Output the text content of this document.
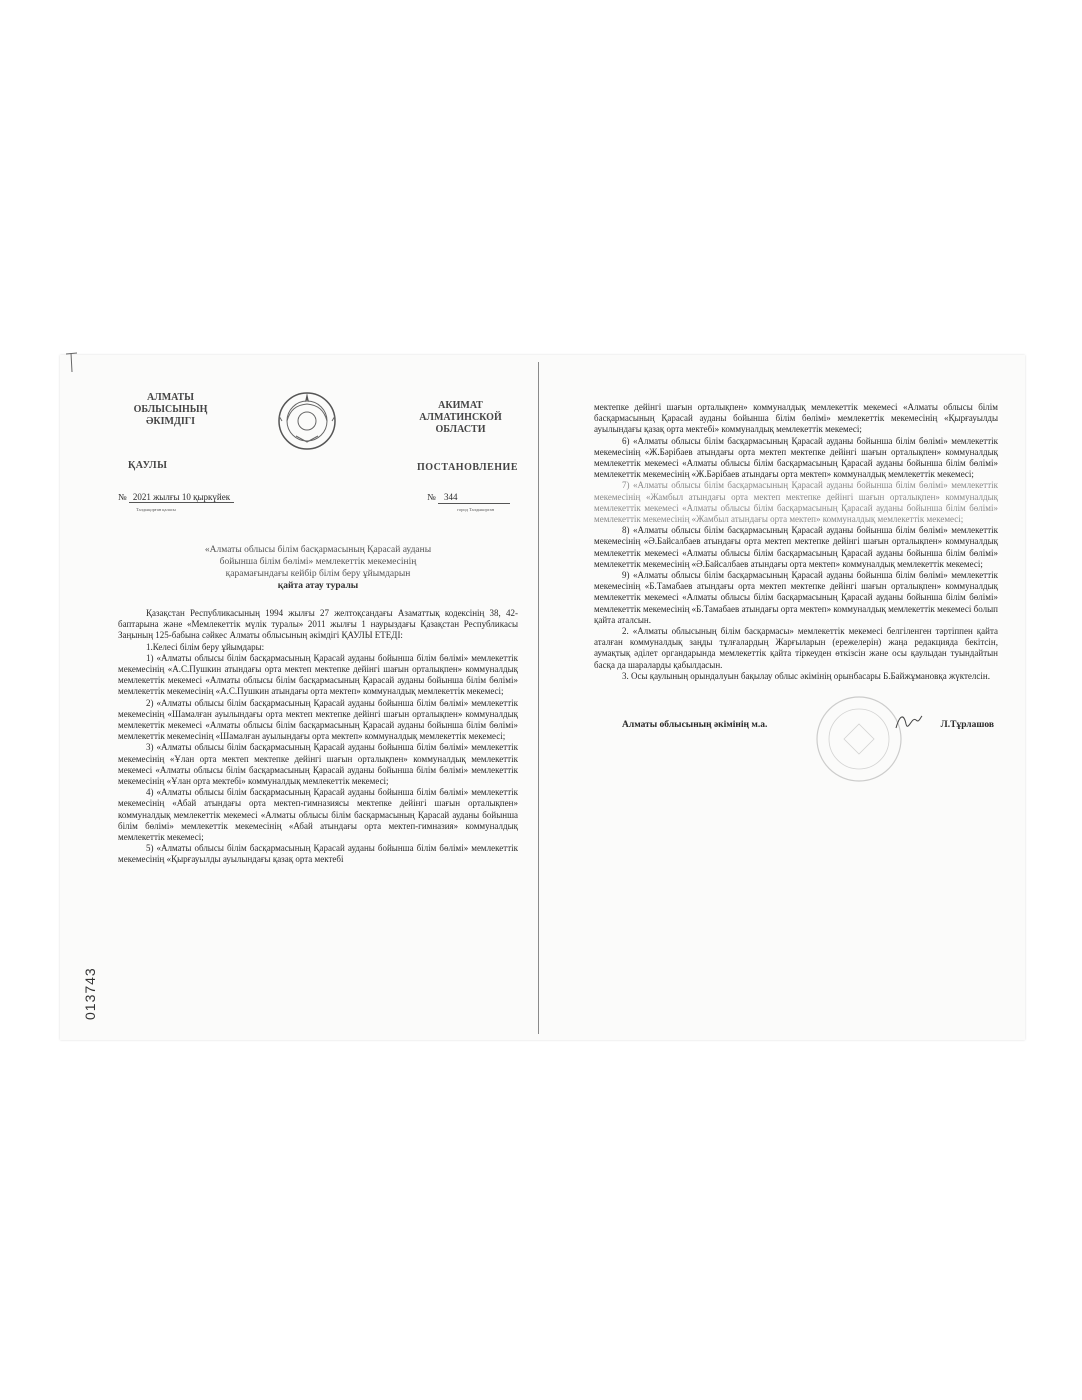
АЛМАТЫ
ОБЛЫСЫНЫҢ
ӘКІМДІГІ
АКИМАТ
АЛМАТИНСКОЙ
ОБЛАСТИ
ҚАУЛЫ	ПОСТАНОВЛЕНИЕ
№ 2021 жылғы 10 қыркүйек
Талдықорған қаласы
№ 344
город Талдыкорган
«Алматы облысы білім басқармасының Қарасай ауданы
бойынша білім бөлімі» мемлекеттік мекемесінің
қарамағындағы кейбір білім беру ұйымдарын
қайта атау туралы

Қазақстан Республикасының 1994 жылғы 27 желтоқсандағы Азаматтық кодексінің 38, 42-баптарына және «Мемлекеттік мүлік туралы» 2011 жылғы 1 наурыздағы Қазақстан Республикасы Заңының 125-бабына сәйкес Алматы облысының әкімдігі ҚАУЛЫ ЕТЕДІ:

1.Келесі білім беру ұйымдары:

1) «Алматы облысы білім басқармасының Қарасай ауданы бойынша білім бөлімі» мемлекеттік мекемесінің «А.С.Пушкин атындағы орта мектеп мектепке дейінгі шағын орталықпен» коммуналдық мемлекеттік мекемесі «Алматы облысы білім басқармасының Қарасай ауданы бойынша білім бөлімі» мемлекеттік мекемесінің «А.С.Пушкин атындағы орта мектеп» коммуналдық мемлекеттік мекемесі;

2) «Алматы облысы білім басқармасының Қарасай ауданы бойынша білім бөлімі» мемлекеттік мекемесінің «Шамалған ауылындағы орта мектеп мектепке дейінгі шағын орталықпен» коммуналдық мемлекеттік мекемесі «Алматы облысы білім басқармасының Қарасай ауданы бойынша білім бөлімі» мемлекеттік мекемесінің «Шамалған ауылындағы орта мектеп» коммуналдық мемлекеттік мекемесі;

3) «Алматы облысы білім басқармасының Қарасай ауданы бойынша білім бөлімі» мемлекеттік мекемесінің «Ұлан орта мектеп мектепке дейінгі шағын орталықпен» коммуналдық мемлекеттік мекемесі «Алматы облысы білім басқармасының Қарасай ауданы бойынша білім бөлімі» мемлекеттік мекемесінің «Ұлан орта мектебі» коммуналдық мемлекеттік мекемесі;

4) «Алматы облысы білім басқармасының Қарасай ауданы бойынша білім бөлімі» мемлекеттік мекемесінің «Абай атындағы орта мектеп-гимназиясы мектепке дейінгі шағын орталықпен» коммуналдық мемлекеттік мекемесі «Алматы облысы білім басқармасының Қарасай ауданы бойынша білім бөлімі» мемлекеттік мекемесінің «Абай атындағы орта мектеп-гимназия» коммуналдық мемлекеттік мекемесі;

5) «Алматы облысы білім басқармасының Қарасай ауданы бойынша білім бөлімі» мемлекеттік мекемесінің «Қырғауылды ауылындағы қазақ орта мектебі

мектепке дейінгі шағын орталықпен» коммуналдық мемлекеттік мекемесі «Алматы облысы білім басқармасының Қарасай ауданы бойынша білім бөлімі» мемлекеттік мекемесінің «Қырғауылды ауылындағы қазақ орта мектебі» коммуналдық мемлекеттік мекемесі;

6) «Алматы облысы білім басқармасының Қарасай ауданы бойынша білім бөлімі» мемлекеттік мекемесінің «Ж.Бәрібаев атындағы орта мектеп мектепке дейінгі шағын орталықпен» коммуналдық мемлекеттік мекемесі «Алматы облысы білім басқармасының Қарасай ауданы бойынша білім бөлімі» мемлекеттік мекемесінің «Ж.Бәрібаев атындағы орта мектеп» коммуналдық мемлекеттік мекемесі;

7) «Алматы облысы білім басқармасының Қарасай ауданы бойынша білім бөлімі» мемлекеттік мекемесінің «Жамбыл атындағы орта мектеп мектепке дейінгі шағын орталықпен» коммуналдық мемлекеттік мекемесі «Алматы облысы білім басқармасының Қарасай ауданы бойынша білім бөлімі» мемлекеттік мекемесінің «Жамбыл атындағы орта мектеп» коммуналдық мемлекеттік мекемесі;

8) «Алматы облысы білім басқармасының Қарасай ауданы бойынша білім бөлімі» мемлекеттік мекемесінің «Ә.Байсалбаев атындағы орта мектеп мектепке дейінгі шағын орталықпен» коммуналдық мемлекеттік мекемесі «Алматы облысы білім басқармасының Қарасай ауданы бойынша білім бөлімі» мемлекеттік мекемесінің «Ә.Байсалбаев атындағы орта мектеп» коммуналдық мемлекеттік мекемесі;

9) «Алматы облысы білім басқармасының Қарасай ауданы бойынша білім бөлімі» мемлекеттік мекемесінің «Б.Тамабаев атындағы орта мектеп мектепке дейінгі шағын орталықпен» коммуналдық мемлекеттік мекемесі «Алматы облысы білім басқармасының Қарасай ауданы бойынша білім бөлімі» мемлекеттік мекемесінің «Б.Тамабаев атындағы орта мектеп» коммуналдық мемлекеттік мекемесі болып қайта аталсын.

2. «Алматы облысының білім басқармасы» мемлекеттік мекемесі белгіленген тәртіппен қайта аталған коммуналдық заңды тұлғалардың Жарғыларын (ережелерін) жаңа редакцияда бекітсін, аумақтық әділет органдарында мемлекеттік қайта тіркеуден өткізсін және осы қаулыдан туындайтын басқа да шараларды қабылдасын.

3. Осы қаулының орындалуын бақылау облыс әкімінің орынбасары Б.Байжұмановқа жүктелсін.

Алматы облысының әкімінің м.а.	Л.Тұрлашов
013743
